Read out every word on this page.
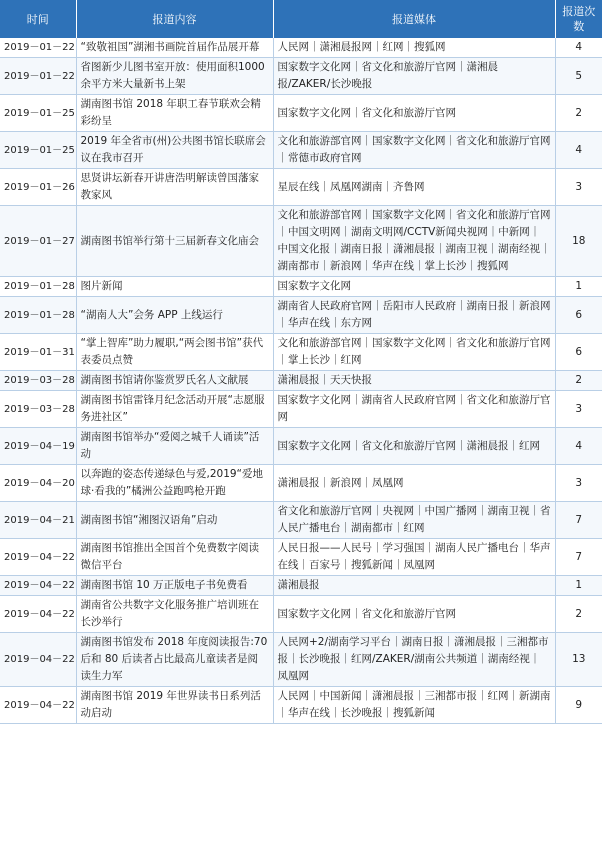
时间	报道内容	报道媒体	报道次数
2019－01－22	“致敬祖国”湖湘书画院首届作品展开幕	人民网｜潇湘晨报网｜红网｜搜狐网	4
2019－01－22	省图新少儿图书室开放：使用面积1000余平方米大量新书上架	国家数字文化网｜省文化和旅游厅官网｜潇湘晨报/ZAKER/长沙晚报	5
2019－01－25	湖南图书馆 2018 年职工春节联欢会精彩纷呈	国家数字文化网｜省文化和旅游厅官网	2
2019－01－25	2019 年全省市(州)公共图书馆长联席会议在我市召开	文化和旅游部官网｜国家数字文化网｜省文化和旅游厅官网｜常德市政府官网	4
2019－01－26	思贤讲坛新春开讲唐浩明解读曾国藩家教家风	星辰在线｜凤凰网湖南｜齐鲁网	3
2019－01－27	湖南图书馆举行第十三届新春文化庙会	文化和旅游部官网｜国家数字文化网｜省文化和旅游厅官网｜中国文明网｜湖南文明网/CCTV新闻央视网｜中新网｜中国文化报｜湖南日报｜潇湘晨报｜湖南卫视｜湖南经视｜湖南都市｜新浪网｜华声在线｜掌上长沙｜搜狐网	18
2019－01－28	图片新闻	国家数字文化网	1
2019－01－28	“湖南人大”会务 APP 上线运行	湖南省人民政府官网｜岳阳市人民政府｜湖南日报｜新浪网｜华声在线｜东方网	6
2019－01－31	“掌上智库”助力履职,“两会图书馆”获代表委员点赞	文化和旅游部官网｜国家数字文化网｜省文化和旅游厅官网｜掌上长沙｜红网	6
2019－03－28	湖南图书馆请你鉴赏罗氏名人文献展	潇湘晨报｜天天快报	2
2019－03－28	湖南图书馆雷锋月纪念活动开展“志愿服务进社区”	国家数字文化网｜湖南省人民政府官网｜省文化和旅游厅官网	3
2019－04－19	湖南图书馆举办“爱阅之城千人诵读”活动	国家数字文化网｜省文化和旅游厅官网｜潇湘晨报｜红网	4
2019－04－20	以奔跑的姿态传递绿色与爱,2019“爱地球·看我的”橘洲公益跑鸣枪开跑	潇湘晨报｜新浪网｜凤凰网	3
2019－04－21	湖南图书馆“湘图汉语角”启动	省文化和旅游厅官网｜央视网｜中国广播网｜湖南卫视｜省人民广播电台｜湖南都市｜红网	7
2019－04－22	湖南图书馆推出全国首个免费数字阅读微信平台	人民日报——人民号｜学习强国｜湖南人民广播电台｜华声在线｜百家号｜搜狐新闻｜凤凰网	7
2019－04－22	湖南图书馆 10 万正版电子书免费看	潇湘晨报	1
2019－04－22	湖南省公共数字文化服务推广培训班在长沙举行	国家数字文化网｜省文化和旅游厅官网	2
2019－04－22	湖南图书馆发布 2018 年度阅读报告:70 后和 80 后读者占比最高儿童读者是阅读生力军	人民网+2/湖南学习平台｜湖南日报｜潇湘晨报｜三湘都市报｜长沙晚报｜红网/ZAKER/湖南公共频道｜湖南经视｜凤凰网	13
2019－04－22	湖南图书馆 2019 年世界读书日系列活动启动	人民网｜中国新闻｜潇湘晨报｜三湘都市报｜红网｜新湖南｜华声在线｜长沙晚报｜搜狐新闻	9
